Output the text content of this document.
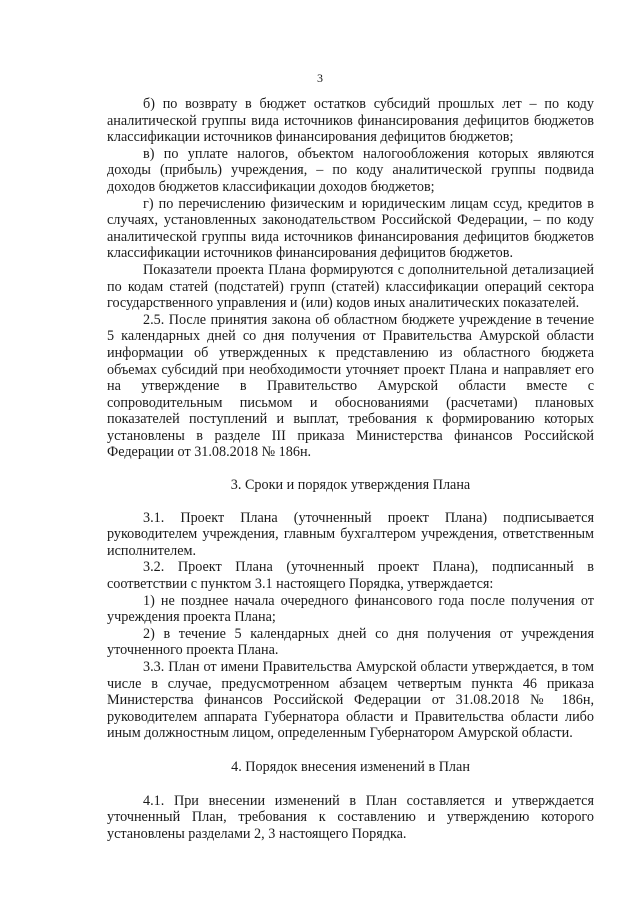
3

б) по возврату в бюджет остатков субсидий прошлых лет – по коду аналитической группы вида источников финансирования дефицитов бюджетов классификации источников финансирования дефицитов бюджетов;

в) по уплате налогов, объектом налогообложения которых являются доходы (прибыль) учреждения, – по коду аналитической группы подвида доходов бюджетов классификации доходов бюджетов;

г) по перечислению физическим и юридическим лицам ссуд, кредитов в случаях, установленных законодательством Российской Федерации, – по коду аналитической группы вида источников финансирования дефицитов бюджетов классификации источников финансирования дефицитов бюджетов.

Показатели проекта Плана формируются с дополнительной детализацией по кодам статей (подстатей) групп (статей) классификации операций сектора государственного управления и (или) кодов иных аналитических показателей.

2.5. После принятия закона об областном бюджете учреждение в течение 5 календарных дней со дня получения от Правительства Амурской области информации об утвержденных к представлению из областного бюджета объемах субсидий при необходимости уточняет проект Плана и направляет его на утверждение в Правительство Амурской области вместе с сопроводительным письмом и обоснованиями (расчетами) плановых показателей поступлений и выплат, требования к формированию которых установлены в разделе III приказа Министерства финансов Российской Федерации от 31.08.2018 № 186н.

3. Сроки и порядок утверждения Плана

3.1. Проект Плана (уточненный проект Плана) подписывается руководителем учреждения, главным бухгалтером учреждения, ответственным исполнителем.

3.2. Проект Плана (уточненный проект Плана), подписанный в соответствии с пунктом 3.1 настоящего Порядка, утверждается:

1) не позднее начала очередного финансового года после получения от учреждения проекта Плана;

2) в течение 5 календарных дней со дня получения от учреждения уточненного проекта Плана.

3.3. План от имени Правительства Амурской области утверждается, в том числе в случае, предусмотренном абзацем четвертым пункта 46 приказа Министерства финансов Российской Федерации от 31.08.2018 № 186н, руководителем аппарата Губернатора области и Правительства области либо иным должностным лицом, определенным Губернатором Амурской области.

4. Порядок внесения изменений в План

4.1. При внесении изменений в План составляется и утверждается уточненный План, требования к составлению и утверждению которого установлены разделами 2, 3 настоящего Порядка.
